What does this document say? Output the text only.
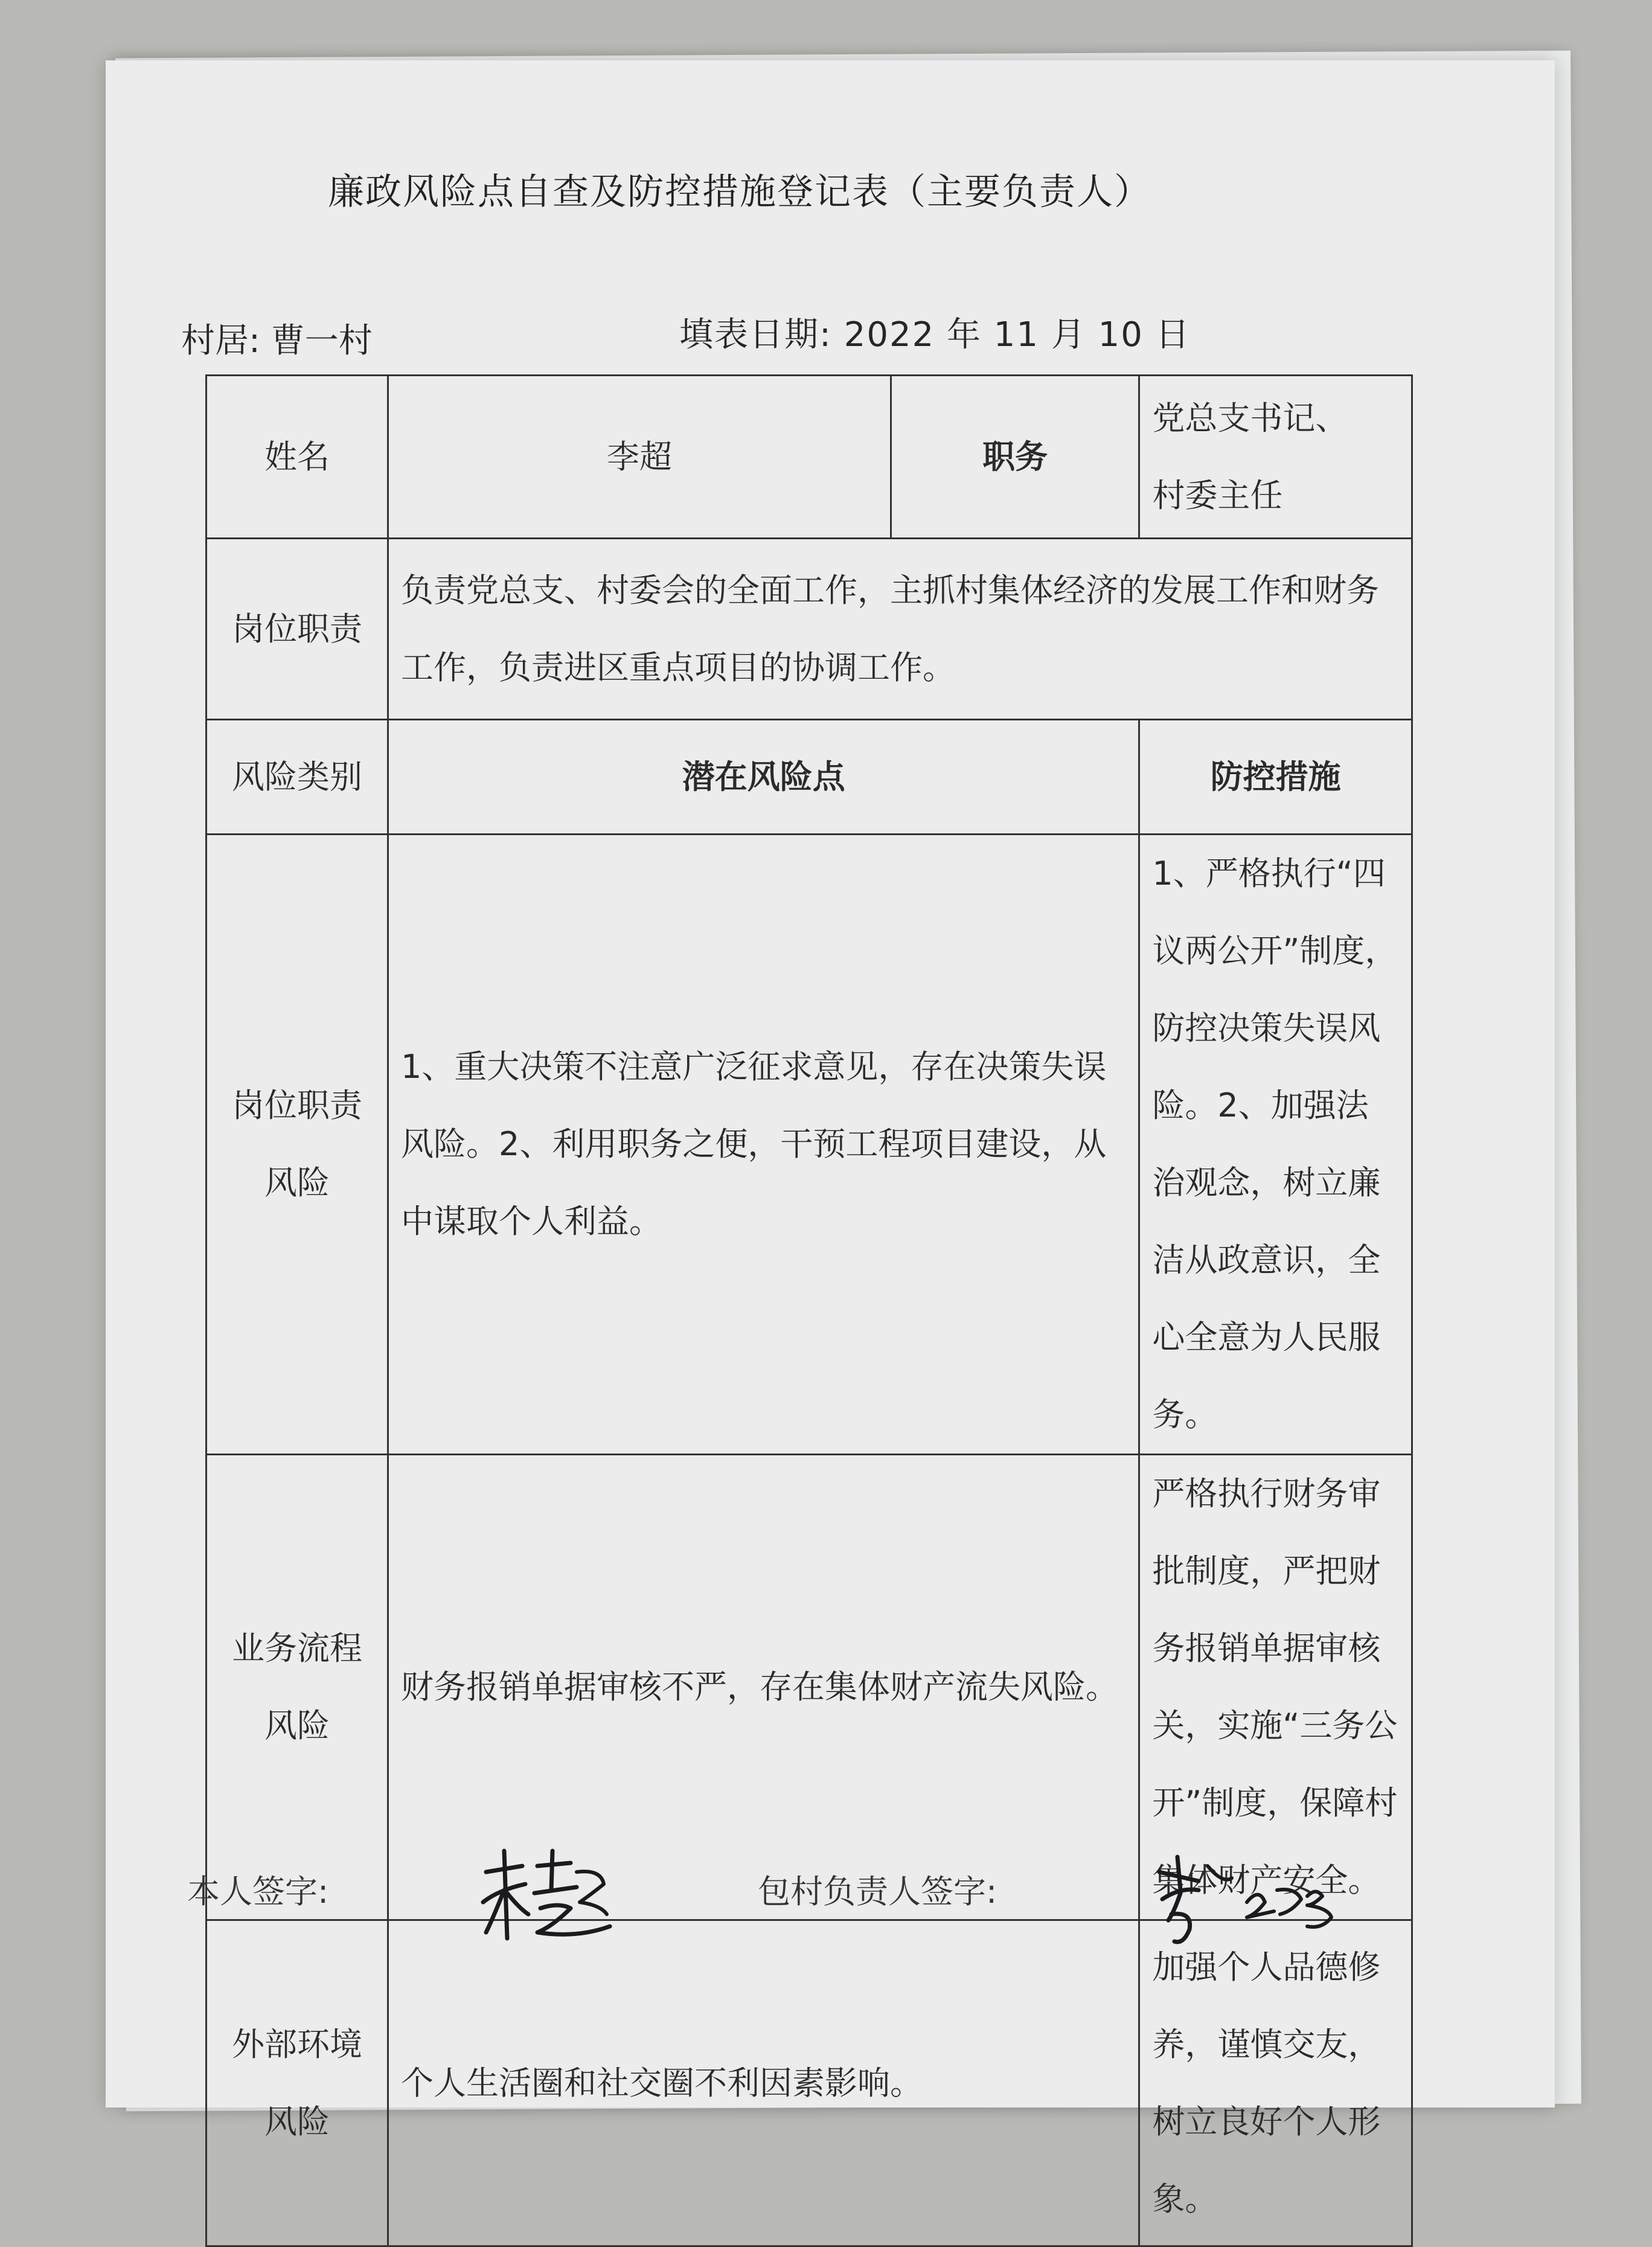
廉政风险点自查及防控措施登记表（主要负责人）
村居: 曹一村	填表日期: 2022 年 11 月 10 日
姓名	李超	职务	党总支书记、
村委主任

岗位职责	负责党总支、村委会的全面工作，主抓村集体经济的发展工作和财务工作，负责进区重点项目的协调工作。		
风险类别	潜在风险点		防控措施

岗位职责
风险	1、重大决策不注意广泛征求意见，存在决策失误风险。2、利用职务之便，干预工程项目建设，从中谋取个人利益。		1、严格执行“四议两公开”制度，防控决策失误风险。2、加强法治观念，树立廉洁从政意识，全心全意为人民服务。

业务流程
风险	财务报销单据审核不严，存在集体财产流失风险。		严格执行财务审批制度，严把财务报销单据审核关，实施“三务公开”制度，保障村集体财产安全。

外部环境
风险	个人生活圈和社交圈不利因素影响。		加强个人品德修养，谨慎交友，树立良好个人形象。
本人签字:	包村负责人签字:
